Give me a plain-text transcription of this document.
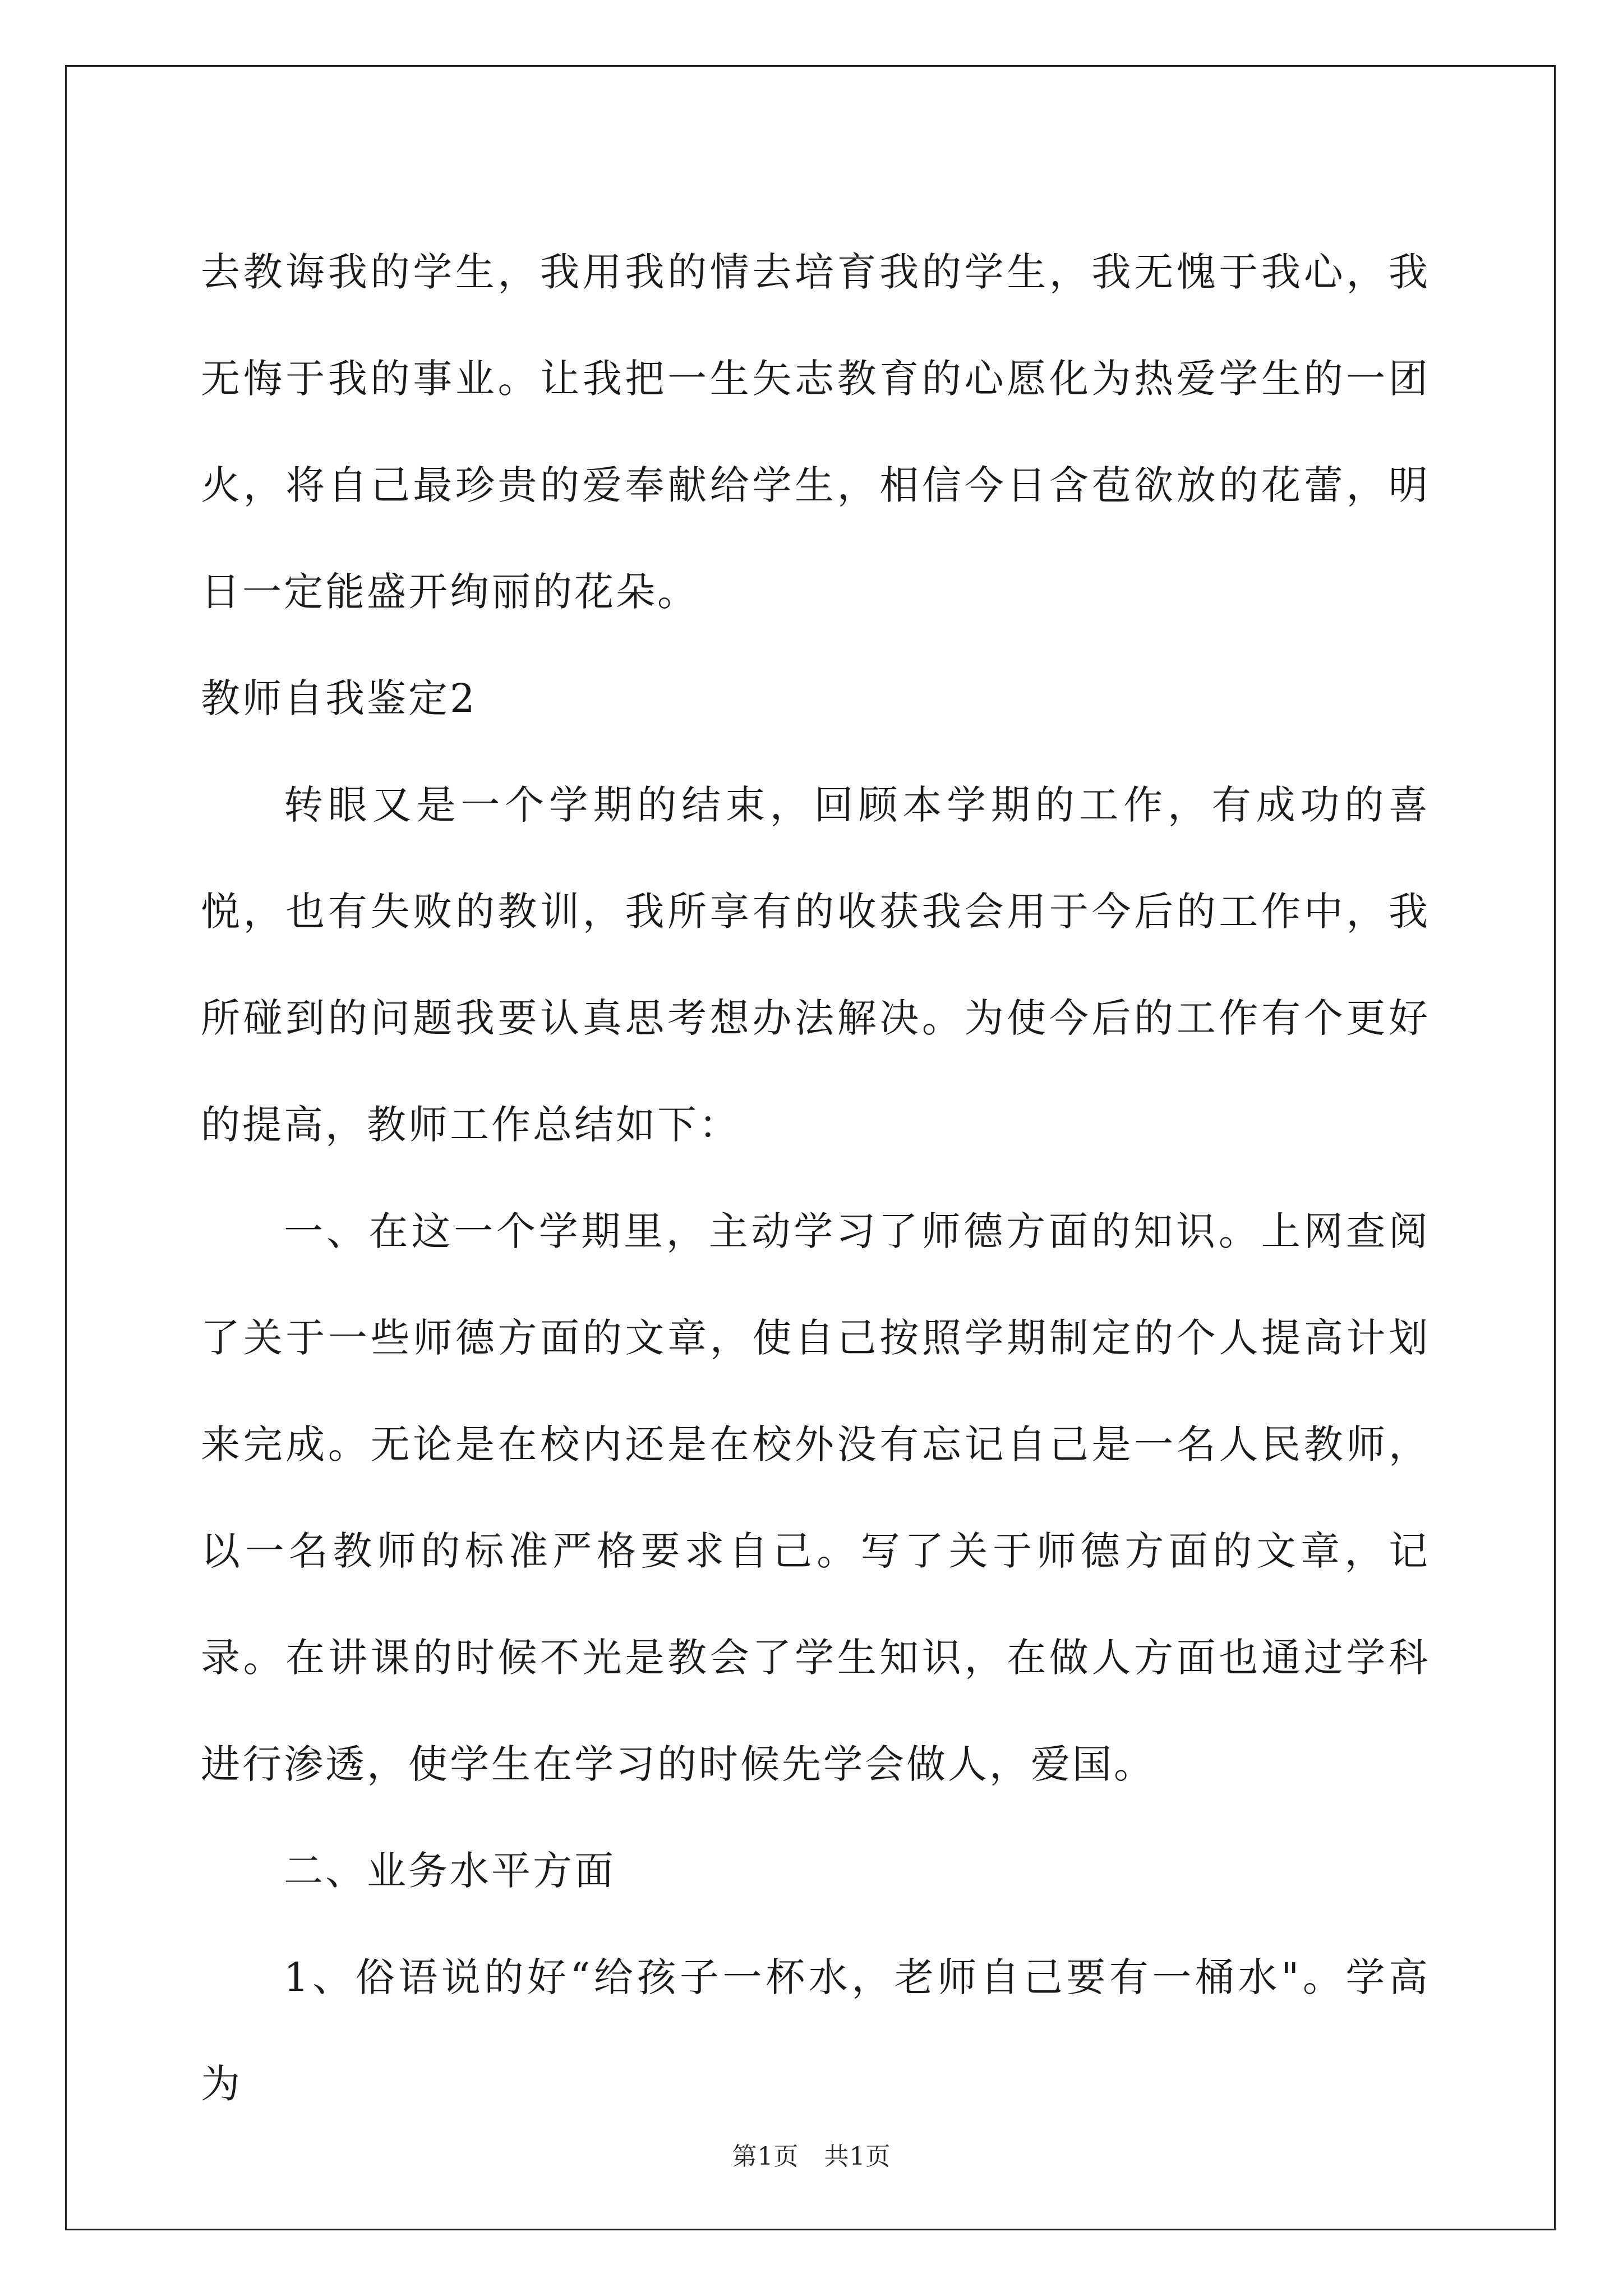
去教诲我的学生，我用我的情去培育我的学生，我无愧于我心，我无悔于我的事业。让我把一生矢志教育的心愿化为热爱学生的一团火，将自己最珍贵的爱奉献给学生，相信今日含苞欲放的花蕾，明日一定能盛开绚丽的花朵。

教师自我鉴定2

转眼又是一个学期的结束，回顾本学期的工作，有成功的喜悦，也有失败的教训，我所享有的收获我会用于今后的工作中，我所碰到的问题我要认真思考想办法解决。为使今后的工作有个更好的提高，教师工作总结如下：

一、在这一个学期里，主动学习了师德方面的知识。上网查阅了关于一些师德方面的文章，使自己按照学期制定的个人提高计划来完成。无论是在校内还是在校外没有忘记自己是一名人民教师，以一名教师的标准严格要求自己。写了关于师德方面的文章，记录。在讲课的时候不光是教会了学生知识，在做人方面也通过学科进行渗透，使学生在学习的时候先学会做人，爱国。

二、业务水平方面

1、俗语说的好“给孩子一杯水，老师自己要有一桶水"。学高为

第1页　共1页
